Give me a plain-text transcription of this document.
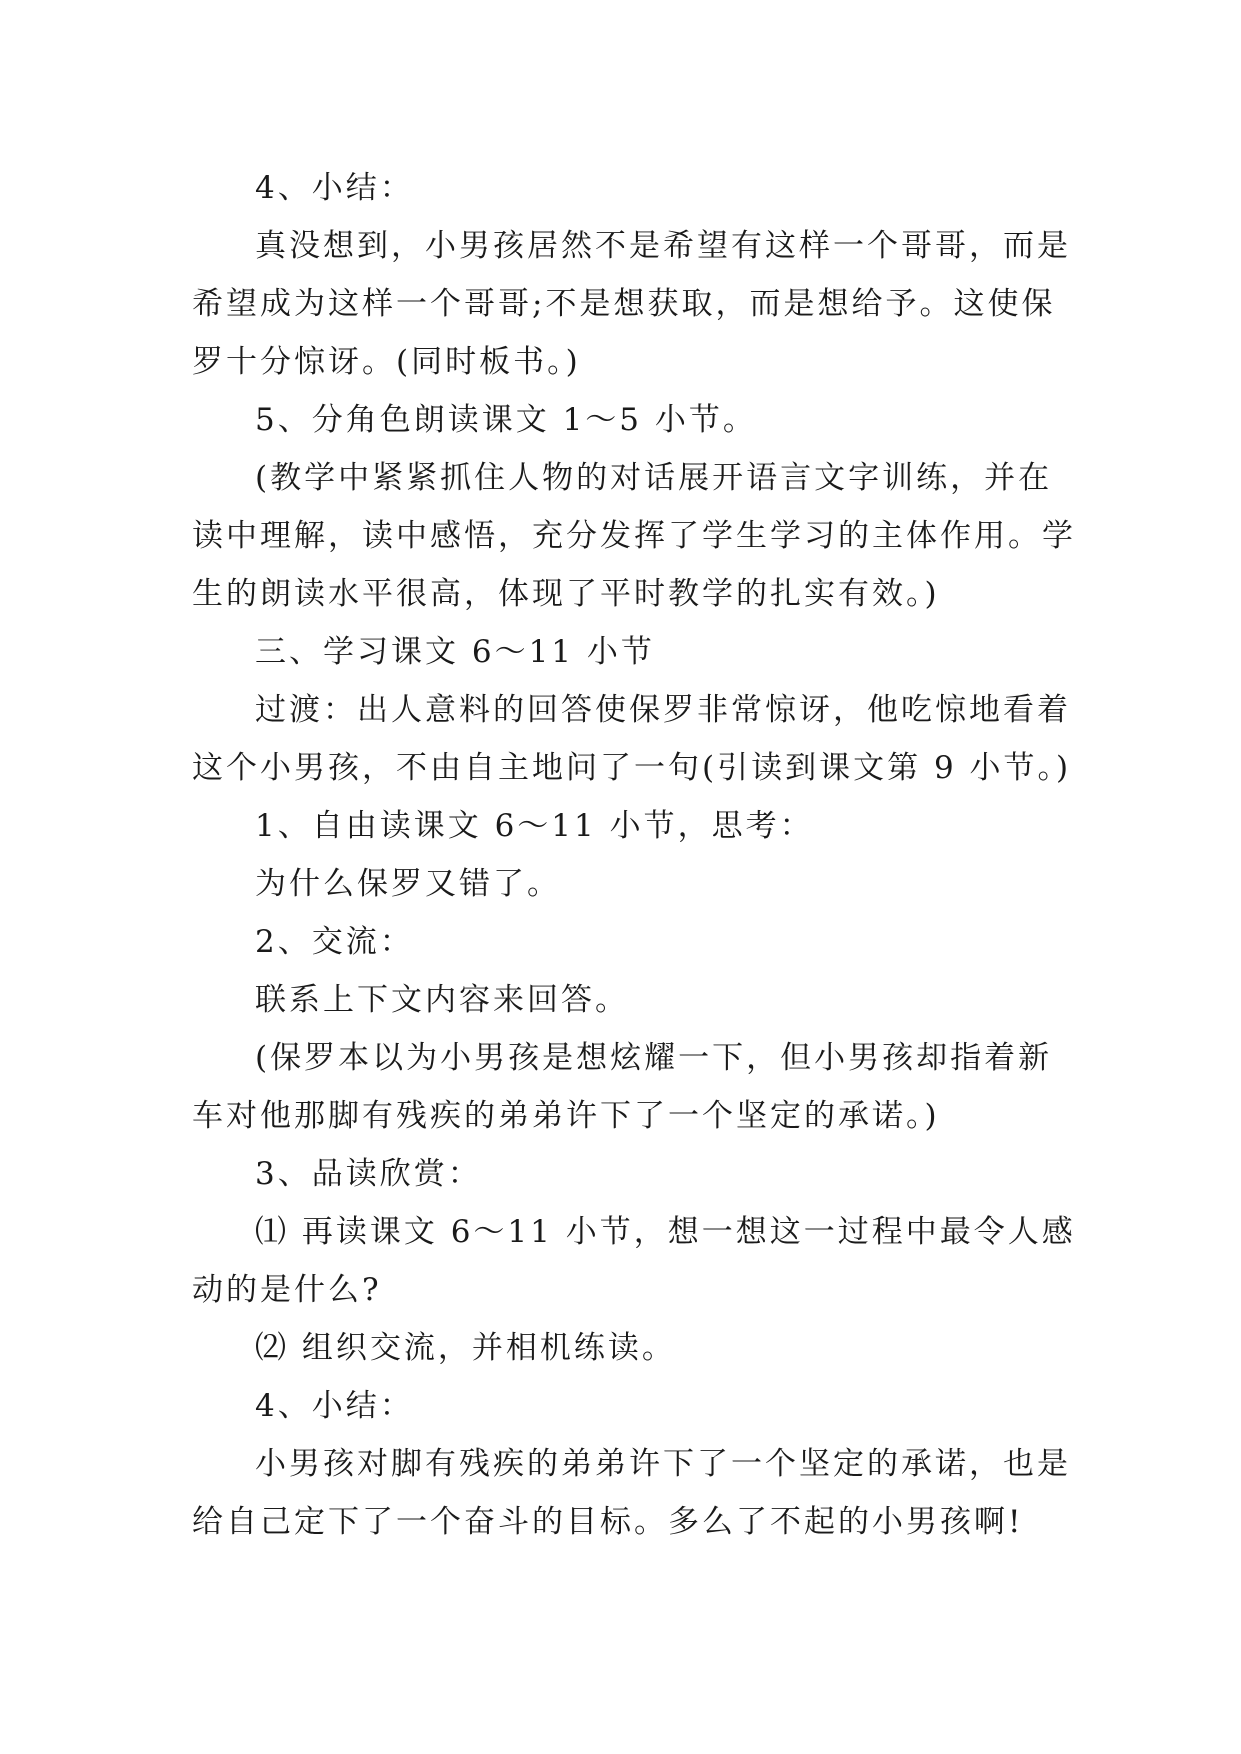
4、小结：
真没想到，小男孩居然不是希望有这样一个哥哥，而是
希望成为这样一个哥哥;不是想获取，而是想给予。这使保
罗十分惊讶。(同时板书。)
5、分角色朗读课文 1～5 小节。
(教学中紧紧抓住人物的对话展开语言文字训练，并在
读中理解，读中感悟，充分发挥了学生学习的主体作用。学
生的朗读水平很高，体现了平时教学的扎实有效。)
三、学习课文 6～11 小节
过渡：出人意料的回答使保罗非常惊讶，他吃惊地看着
这个小男孩，不由自主地问了一句(引读到课文第 9 小节。)
1、自由读课文 6～11 小节，思考：
为什么保罗又错了。
2、交流：
联系上下文内容来回答。
(保罗本以为小男孩是想炫耀一下，但小男孩却指着新
车对他那脚有残疾的弟弟许下了一个坚定的承诺。)
3、品读欣赏：
⑴ 再读课文 6～11 小节，想一想这一过程中最令人感
动的是什么?
⑵ 组织交流，并相机练读。
4、小结：
小男孩对脚有残疾的弟弟许下了一个坚定的承诺，也是
给自己定下了一个奋斗的目标。多么了不起的小男孩啊!
